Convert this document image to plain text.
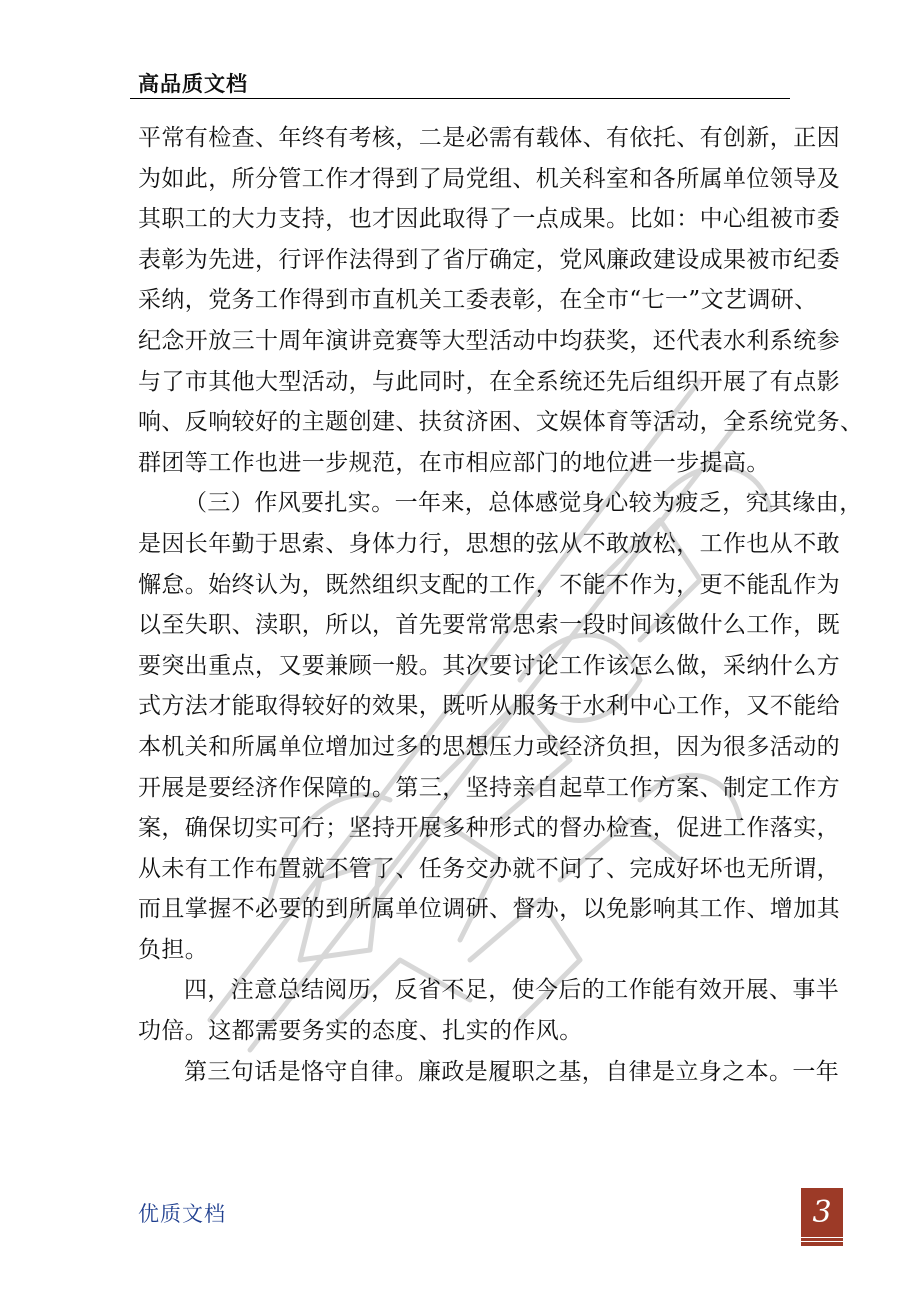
高品质文档
平常有检查、年终有考核，二是必需有载体、有依托、有创新，正因
为如此，所分管工作才得到了局党组、机关科室和各所属单位领导及
其职工的大力支持，也才因此取得了一点成果。比如：中心组被市委
表彰为先进，行评作法得到了省厅确定，党风廉政建设成果被市纪委
采纳，党务工作得到市直机关工委表彰，在全市“七一”文艺调研、
纪念开放三十周年演讲竞赛等大型活动中均获奖，还代表水利系统参
与了市其他大型活动，与此同时，在全系统还先后组织开展了有点影
响、反响较好的主题创建、扶贫济困、文娱体育等活动，全系统党务、
群团等工作也进一步规范，在市相应部门的地位进一步提高。
（三）作风要扎实。一年来，总体感觉身心较为疲乏，究其缘由，
是因长年勤于思索、身体力行，思想的弦从不敢放松，工作也从不敢
懈怠。始终认为，既然组织支配的工作，不能不作为，更不能乱作为
以至失职、渎职，所以，首先要常常思索一段时间该做什么工作，既
要突出重点，又要兼顾一般。其次要讨论工作该怎么做，采纳什么方
式方法才能取得较好的效果，既听从服务于水利中心工作，又不能给
本机关和所属单位增加过多的思想压力或经济负担，因为很多活动的
开展是要经济作保障的。第三，坚持亲自起草工作方案、制定工作方
案，确保切实可行；坚持开展多种形式的督办检查，促进工作落实，
从未有工作布置就不管了、任务交办就不问了、完成好坏也无所谓，
而且掌握不必要的到所属单位调研、督办，以免影响其工作、增加其
负担。
四，注意总结阅历，反省不足，使今后的工作能有效开展、事半
功倍。这都需要务实的态度、扎实的作风。
第三句话是恪守自律。廉政是履职之基，自律是立身之本。一年
优质文档	3
